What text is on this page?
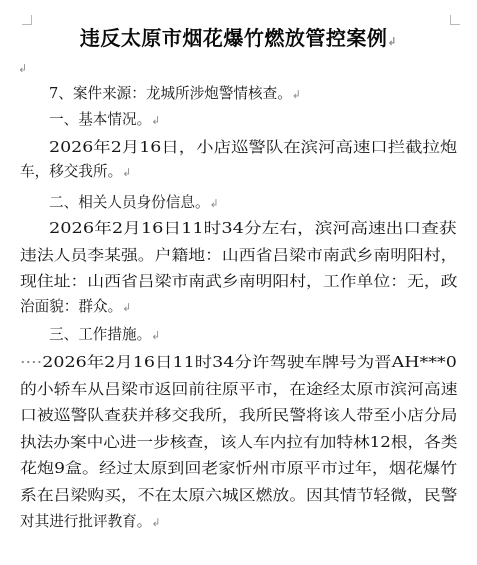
违反太原市烟花爆竹燃放管控案例↲
↲
7、案件来源：龙城所涉炮警情核查。↲
一、基本情况。↲
2026年2月16日，小店巡警队在滨河高速口拦截拉炮
车，移交我所。↲
二、相关人员身份信息。↲
2026年2月16日11时34分左右，滨河高速出口查获
违法人员李某强。户籍地：山西省吕梁市南武乡南明阳村，
现住址：山西省吕梁市南武乡南明阳村，工作单位：无，政
治面貌：群众。↲
三、工作措施。↲
····2026年2月16日11时34分许驾驶车牌号为晋AH***0
的小轿车从吕梁市返回前往原平市，在途经太原市滨河高速
口被巡警队查获并移交我所，我所民警将该人带至小店分局
执法办案中心进一步核查，该人车内拉有加特林12根，各类
花炮9盒。经过太原到回老家忻州市原平市过年，烟花爆竹
系在吕梁购买，不在太原六城区燃放。因其情节轻微，民警
对其进行批评教育。↲
